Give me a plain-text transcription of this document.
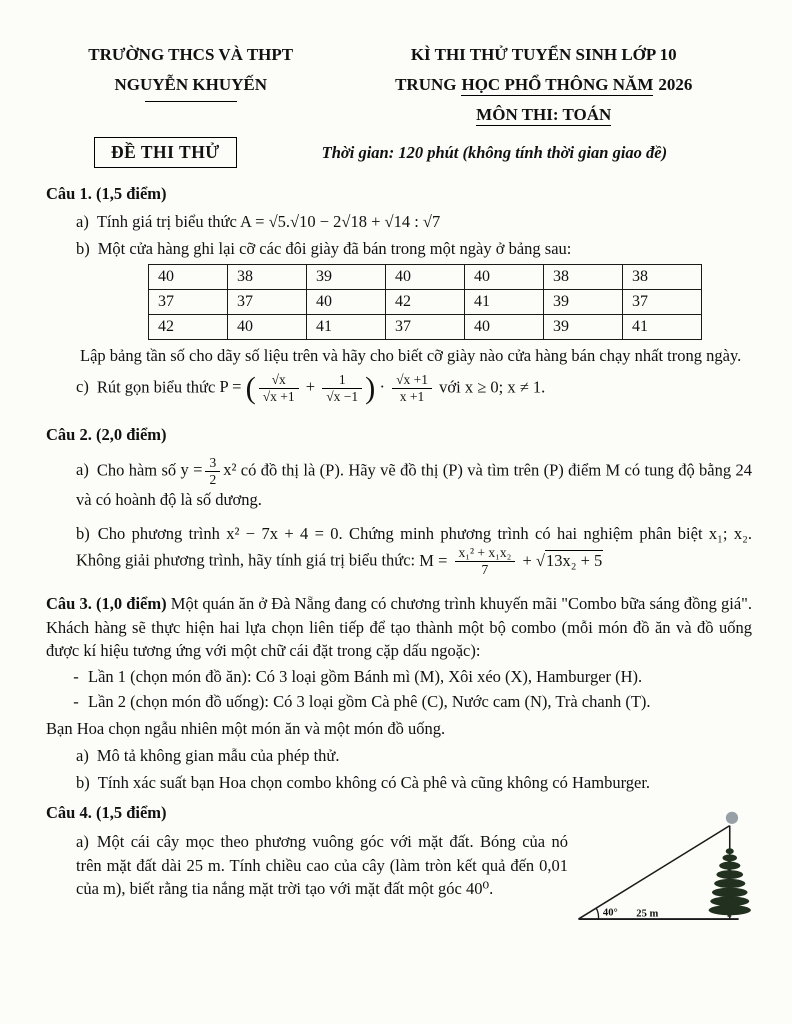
TRƯỜNG THCS VÀ THPT
NGUYỄN KHUYẾN
KÌ THI THỬ TUYỂN SINH LỚP 10
TRUNG HỌC PHỔ THÔNG NĂM 2026
MÔN THI: TOÁN
ĐỀ THI THỬ	Thời gian: 120 phút (không tính thời gian giao đề)
Câu 1. (1,5 điểm)
a) Tính giá trị biểu thức A = √5.√10 − 2√18 + √14 : √7
b) Một cửa hàng ghi lại cỡ các đôi giày đã bán trong một ngày ở bảng sau:
40	38	39	40	40	38	38
37	37	40	42	41	39	37
42	40	41	37	40	39	41
Lập bảng tần số cho dãy số liệu trên và hãy cho biết cỡ giày nào cửa hàng bán chạy nhất trong ngày.
c) Rút gọn biểu thức P = ( $\frac{√x}{√x +1} + \frac{1}{√x -1}$ ) · $\frac{√x +1}{x +1}$ với x ≥ 0; x ≠ 1.
Câu 2. (2,0 điểm)
a) Cho hàm số $y = \frac{3}{2} x^2$ có đồ thị là (P). Hãy vẽ đồ thị (P) và tìm trên (P) điểm M có tung độ bằng 24 và có hoành độ là số dương.
b) Cho phương trình x² − 7x + 4 = 0. Chứng minh phương trình có hai nghiệm phân biệt x₁; x₂. Không giải phương trình, hãy tính giá trị biểu thức: $M = \frac{\text{x₁² + x₁x₂}}{7} + √13x_2 + 5$
Câu 3. (1,0 điểm) Một quán ăn ở Đà Nẵng đang có chương trình khuyến mãi "Combo bữa sáng đồng giá". Khách hàng sẽ thực hiện hai lựa chọn liên tiếp để tạo thành một bộ combo (mỗi món đồ ăn và đồ uống được kí hiệu tương ứng với một chữ cái đặt trong cặp dấu ngoặc):
- Lần 1 (chọn món đồ ăn): Có 3 loại gồm Bánh mì (M), Xôi xéo (X), Hamburger (H).
- Lần 2 (chọn món đồ uống): Có 3 loại gồm Cà phê (C), Nước cam (N), Trà chanh (T).
Bạn Hoa chọn ngẫu nhiên một món ăn và một món đồ uống.
a) Mô tả không gian mẫu của phép thử.
b) Tính xác suất bạn Hoa chọn combo không có Cà phê và cũng không có Hamburger.
Câu 4. (1,5 điểm)
a) Một cái cây mọc theo phương vuông góc với mặt đất. Bóng của nó trên mặt đất dài 25 m. Tính chiều cao của cây (làm tròn kết quả đến 0,01 của m), biết rằng tia nắng mặt trời tạo với mặt đất một góc 40⁰.
40° 25 m
